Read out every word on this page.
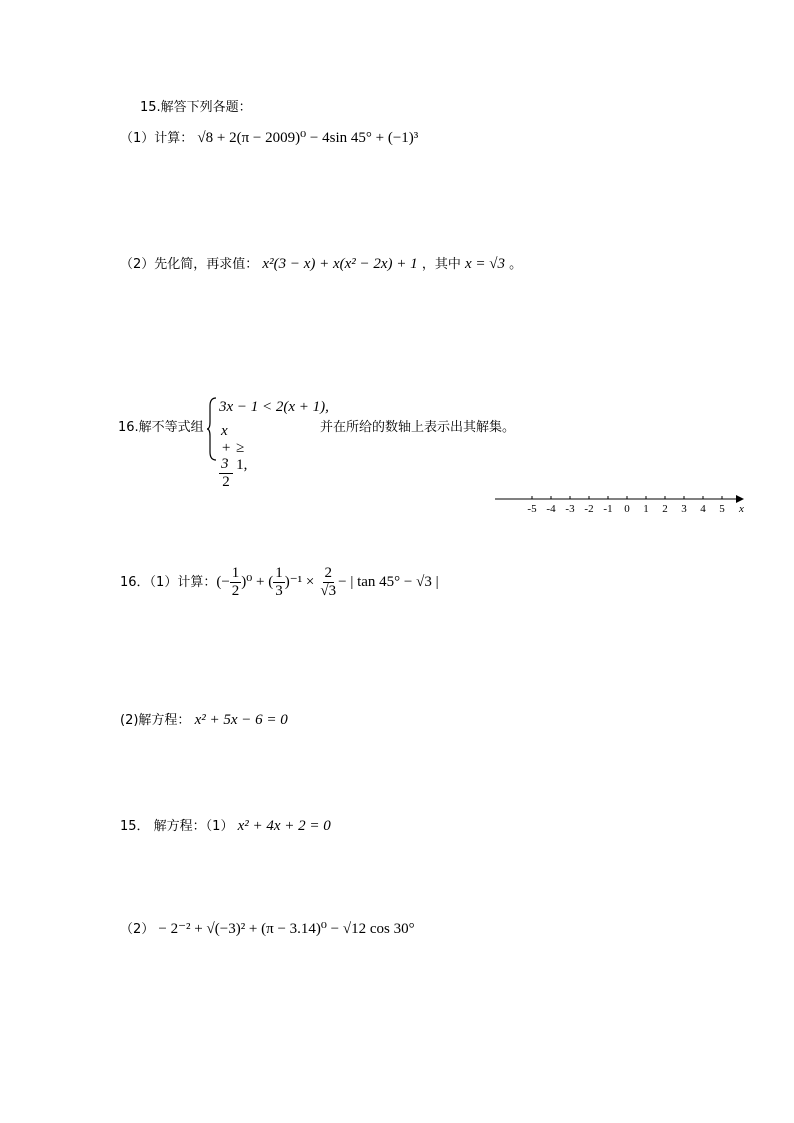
15.解答下列各题：
（1）计算： √8 + 2(π − 2009)⁰ − 4sin 45° + (−1)³
（2）先化简，再求值： x²(3 − x) + x(x² − 2x) + 1 ，其中 x = √3 。
16.解不等式组
3x − 1 < 2(x + 1),
$\frac{x + 3}{2} \ge 1$,
并在所给的数轴上表示出其解集。
-5 -4 -3 -2 -1 0 1 2 3 4 5 x
16．（1）计算： (− $\frac{1}{2} )^0$ + ( $\frac{1}{3} )^{-1} \times \frac{2}{√3}$ − | tan 45° − √3 |
(2)解方程： x² + 5x − 6 = 0
15． 解方程：（1） x² + 4x + 2 = 0
（2） − 2⁻² + √(−3)² + (π − 3.14)⁰ − √12 cos 30°
